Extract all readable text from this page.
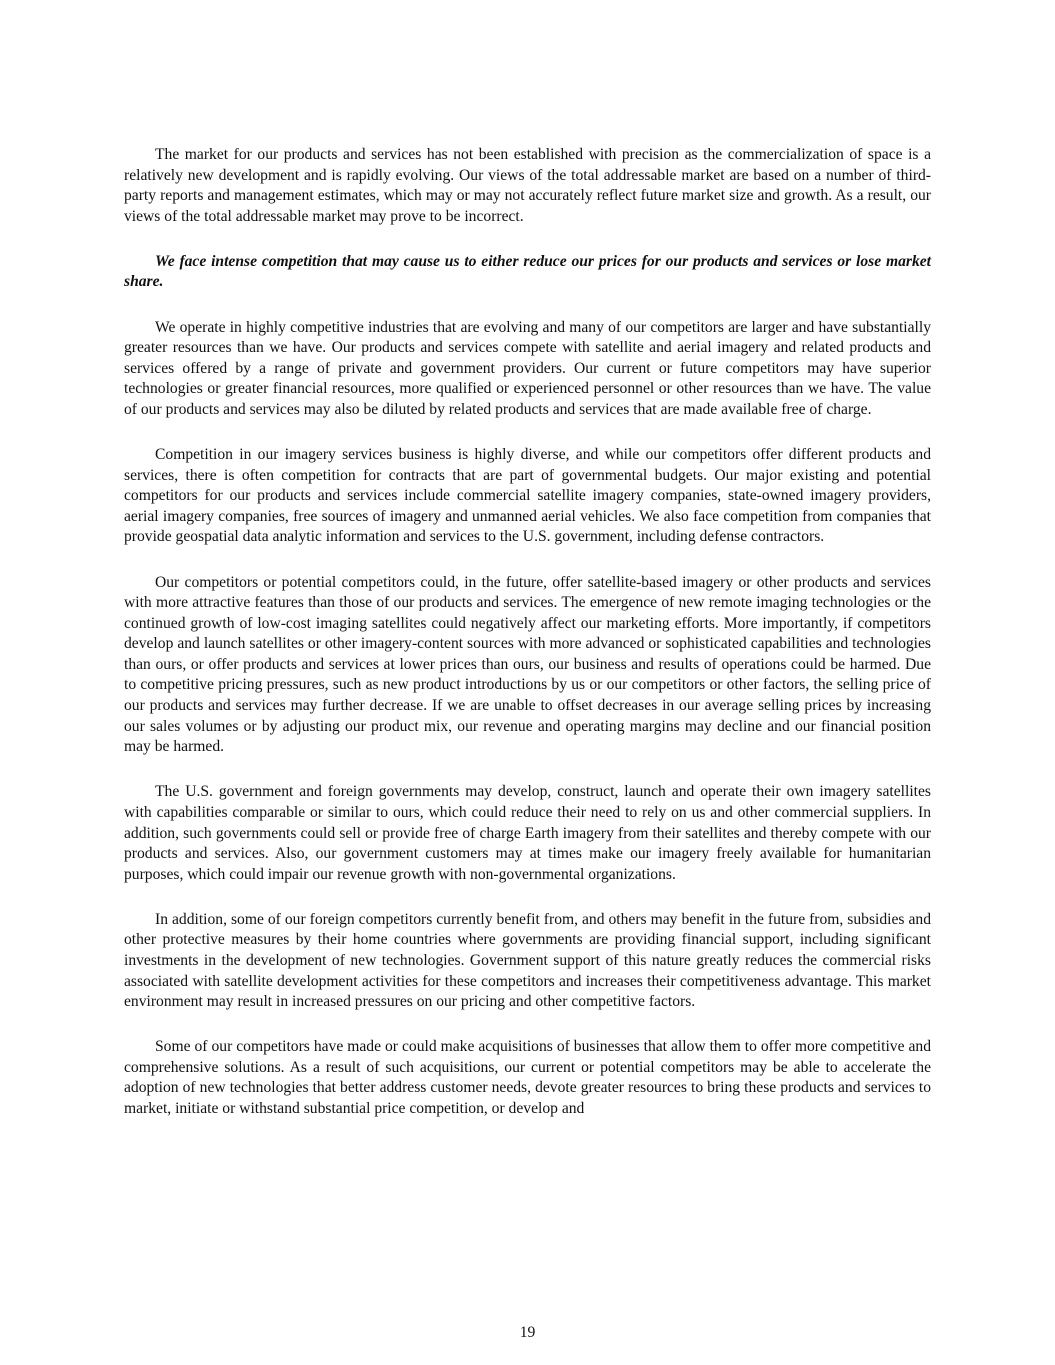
The market for our products and services has not been established with precision as the commercialization of space is a relatively new development and is rapidly evolving. Our views of the total addressable market are based on a number of third-party reports and management estimates, which may or may not accurately reflect future market size and growth. As a result, our views of the total addressable market may prove to be incorrect.

We face intense competition that may cause us to either reduce our prices for our products and services or lose market share.

We operate in highly competitive industries that are evolving and many of our competitors are larger and have substantially greater resources than we have. Our products and services compete with satellite and aerial imagery and related products and services offered by a range of private and government providers. Our current or future competitors may have superior technologies or greater financial resources, more qualified or experienced personnel or other resources than we have. The value of our products and services may also be diluted by related products and services that are made available free of charge.

Competition in our imagery services business is highly diverse, and while our competitors offer different products and services, there is often competition for contracts that are part of governmental budgets. Our major existing and potential competitors for our products and services include commercial satellite imagery companies, state-owned imagery providers, aerial imagery companies, free sources of imagery and unmanned aerial vehicles. We also face competition from companies that provide geospatial data analytic information and services to the U.S. government, including defense contractors.

Our competitors or potential competitors could, in the future, offer satellite-based imagery or other products and services with more attractive features than those of our products and services. The emergence of new remote imaging technologies or the continued growth of low-cost imaging satellites could negatively affect our marketing efforts. More importantly, if competitors develop and launch satellites or other imagery-content sources with more advanced or sophisticated capabilities and technologies than ours, or offer products and services at lower prices than ours, our business and results of operations could be harmed. Due to competitive pricing pressures, such as new product introductions by us or our competitors or other factors, the selling price of our products and services may further decrease. If we are unable to offset decreases in our average selling prices by increasing our sales volumes or by adjusting our product mix, our revenue and operating margins may decline and our financial position may be harmed.

The U.S. government and foreign governments may develop, construct, launch and operate their own imagery satellites with capabilities comparable or similar to ours, which could reduce their need to rely on us and other commercial suppliers. In addition, such governments could sell or provide free of charge Earth imagery from their satellites and thereby compete with our products and services. Also, our government customers may at times make our imagery freely available for humanitarian purposes, which could impair our revenue growth with non-governmental organizations.

In addition, some of our foreign competitors currently benefit from, and others may benefit in the future from, subsidies and other protective measures by their home countries where governments are providing financial support, including significant investments in the development of new technologies. Government support of this nature greatly reduces the commercial risks associated with satellite development activities for these competitors and increases their competitiveness advantage. This market environment may result in increased pressures on our pricing and other competitive factors.

Some of our competitors have made or could make acquisitions of businesses that allow them to offer more competitive and comprehensive solutions. As a result of such acquisitions, our current or potential competitors may be able to accelerate the adoption of new technologies that better address customer needs, devote greater resources to bring these products and services to market, initiate or withstand substantial price competition, or develop and

19
